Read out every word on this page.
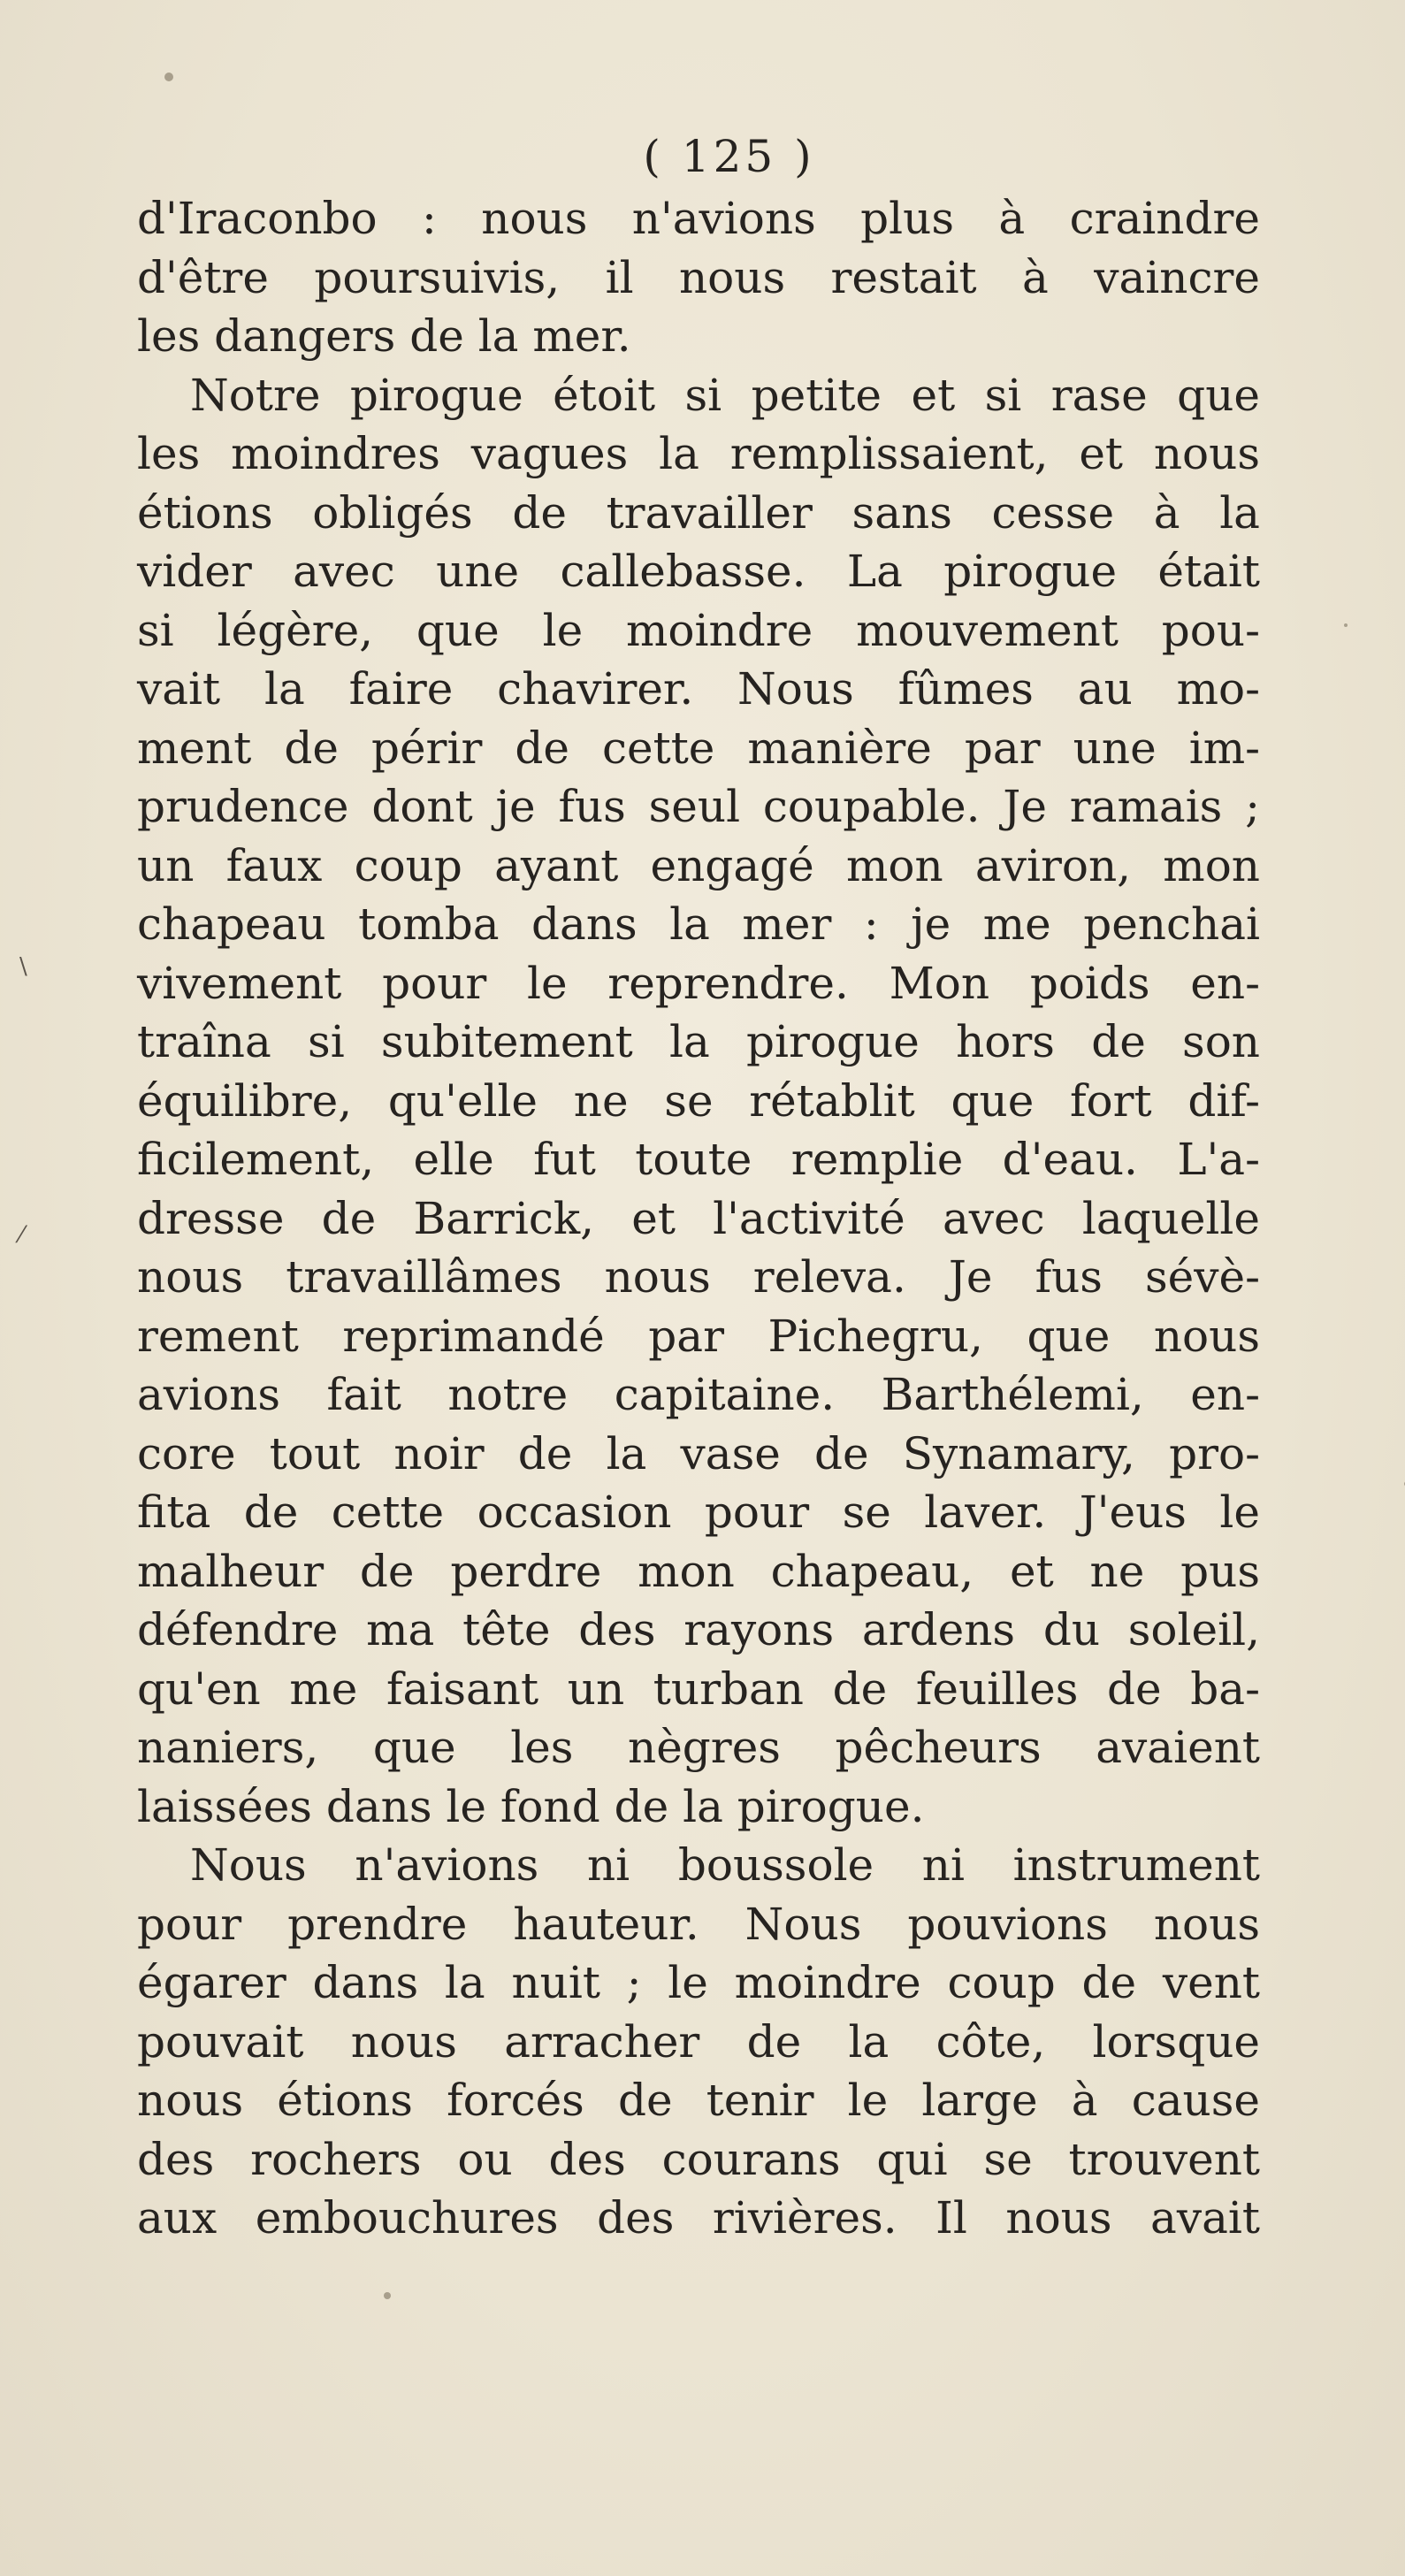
( 125 )
d'Iraconbo : nous n'avions plus à craindre
d'être poursuivis, il nous restait à vaincre
les dangers de la mer.
Notre pirogue étoit si petite et si rase que
les moindres vagues la remplissaient, et nous
étions obligés de travailler sans cesse à la
vider avec une callebasse. La pirogue était
si légère, que le moindre mouvement pou-
vait la faire chavirer. Nous fûmes au mo-
ment de périr de cette manière par une im-
prudence dont je fus seul coupable. Je ramais ;
un faux coup ayant engagé mon aviron, mon
chapeau tomba dans la mer : je me penchai
vivement pour le reprendre. Mon poids en-
traîna si subitement la pirogue hors de son
équilibre, qu'elle ne se rétablit que fort dif-
ficilement, elle fut toute remplie d'eau. L'a-
dresse de Barrick, et l'activité avec laquelle
nous travaillâmes nous releva. Je fus sévè-
rement reprimandé par Pichegru, que nous
avions fait notre capitaine. Barthélemi, en-
core tout noir de la vase de Synamary, pro-
fita de cette occasion pour se laver. J'eus le
malheur de perdre mon chapeau, et ne pus
défendre ma tête des rayons ardens du soleil,
qu'en me faisant un turban de feuilles de ba-
naniers, que les nègres pêcheurs avaient
laissées dans le fond de la pirogue.
Nous n'avions ni boussole ni instrument
pour prendre hauteur. Nous pouvions nous
égarer dans la nuit ; le moindre coup de vent
pouvait nous arracher de la côte, lorsque
nous étions forcés de tenir le large à cause
des rochers ou des courans qui se trouvent
aux embouchures des rivières. Il nous avait
\
⁄
